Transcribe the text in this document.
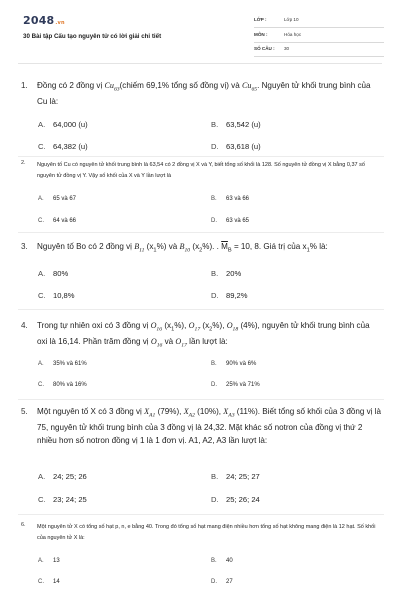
2048.vn
30 Bài tập Cấu tạo nguyên tử có lời giải chi tiết
LỚP :	Lớp 10
MÔN :	Hóa học
SỐ CÂU : 30
1. Đồng có 2 đồng vị $Cu_{63}(chiếm$ 69,1% tổng số đồng vị) và $Cu_{65}$. Nguyên tử khối trung bình của Cu là:
A. 64,000 (u)	B. 63,542 (u)
C. 64,382 (u)	D. 63,618 (u)
2. Nguyên tố Cu có nguyên tử khối trung bình là 63,54 có 2 đồng vị X và Y, biết tổng số khối là 128. Số nguyên tử đồng vị X bằng 0,37 số nguyên tử đồng vị Y. Vậy số khối của X và Y lần lượt là
A. 65 và 67	B. 63 và 66
C. 64 và 66	D. 63 và 65
3. Nguyên tố Bo có 2 đồng vị $B_{11}$ $(x_1\%)$ và $B_{10}$ $(x_2\%)$. . $\overline{M}_B = 10$, 8. Giá trị của $x_1\%$ là:
A. 80%	B. 20%
C. 10,8%	D. 89,2%
4. Trong tự nhiên oxi có 3 đồng vị $O_{16}$ $(x_1\%)$, $O_{17}$ $(x_2\%)$, $O_{18}$ (4%), nguyên tử khối trung bình của oxi là 16,14. Phần trăm đồng vị $O_{16}$ và $O_{17}$ lần lượt là:
A. 35% và 61%	B. 90% và 6%
C. 80% và 16%	D. 25% và 71%
5. Một nguyên tố X có 3 đồng vị $X_{A1}$ (79%), $X_{A2}$ (10%), $X_{A3}$ (11%). Biết tổng số khối của 3 đồng vị là 75, nguyên tử khối trung bình của 3 đồng vị là 24,32. Mặt khác số notron của đồng vị thứ 2 nhiều hơn số notron đồng vị 1 là 1 đơn vị. A1, A2, A3 lần lượt là:
A. 24; 25; 26	B. 24; 25; 27
C. 23; 24; 25	D. 25; 26; 24
6. Một nguyên tử X có tổng số hạt p, n, e bằng 40. Trong đó tổng số hạt mang điện nhiều hơn tổng số hạt không mang điện là 12 hạt. Số khối của nguyên tử X là:
A. 13	B. 40
C. 14	D. 27
